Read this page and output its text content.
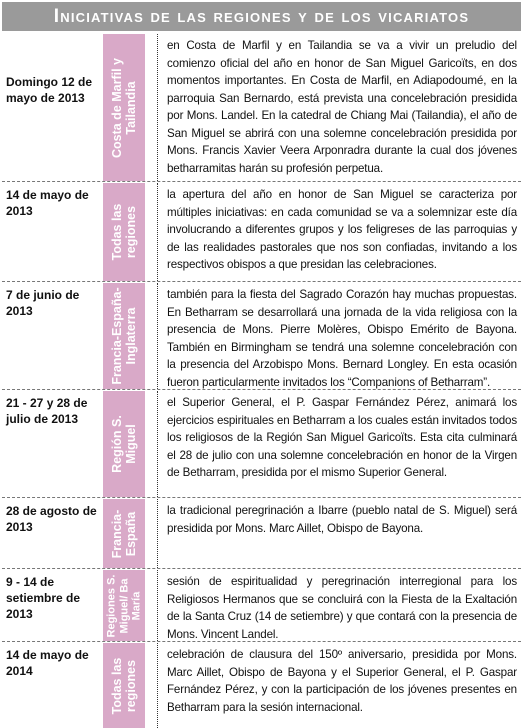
Iniciativas de las regiones y de los vicariatos
Domingo 12 de mayo de 2013	Costa de Marfil y Tailandia
en Costa de Marfil y en Tailandia se va a vivir un preludio del comienzo oficial del año en honor de San Miguel Garicoïts, en dos momentos importantes. En Costa de Marfil, en Adiapodoumé, en la parroquia San Bernardo, está prevista una concelebración presidida por Mons. Landel. En la catedral de Chiang Mai (Tailandia), el año de San Miguel se abrirá con una solemne concelebración presidida por Mons. Francis Xavier Veera Arponradra durante la cual dos jóvenes betharramitas harán su profesión perpetua.
14 de mayo de 2013	Todas las regiones
la apertura del año en honor de San Miguel se caracteriza por múltiples iniciativas: en cada comunidad se va a solemnizar este día involucrando a diferentes grupos y los feligreses de las parroquias y de las realidades pastorales que nos son confiadas, invitando a los respectivos obispos a que presidan las celebraciones.
7 de junio de 2013	Francia-España-Inglaterra
también para la fiesta del Sagrado Corazón hay muchas propuestas. En Betharram se desarrollará una jornada de la vida religiosa con la presencia de Mons. Pierre Molères, Obispo Emérito de Bayona. También en Birmingham se tendrá una solemne concelebración con la presencia del Arzobispo Mons. Bernard Longley. En esta ocasión fueron particularmente invitados los “Companions of Betharram”.
21 - 27 y 28 de julio de 2013	Región S. Miguel
el Superior General, el P. Gaspar Fernández Pérez, animará los ejercicios espirituales en Betharram a los cuales están invitados todos los religiosos de la Región San Miguel Garicoïts. Esta cita culminará el 28 de julio con una solemne concelebración en honor de la Virgen de Betharram, presidida por el mismo Superior General.
28 de agosto de 2013	Francia-España
la tradicional peregrinación a Ibarre (pueblo natal de S. Miguel) será presidida por Mons. Marc Aillet, Obispo de Bayona.
9 - 14 de setiembre de 2013	Regiones S. Miguel/ Ba María
sesión de espiritualidad y peregrinación interregional para los Religiosos Hermanos que se concluirá con la Fiesta de la Exaltación de la Santa Cruz (14 de setiembre) y que contará con la presencia de Mons. Vincent Landel.
14 de mayo de 2014	Todas las regiones
celebración de clausura del 150º aniversario, presidida por Mons. Marc Aillet, Obispo de Bayona y el Superior General, el P. Gaspar Fernández Pérez, y con la participación de los jóvenes presentes en Betharram para la sesión internacional.
